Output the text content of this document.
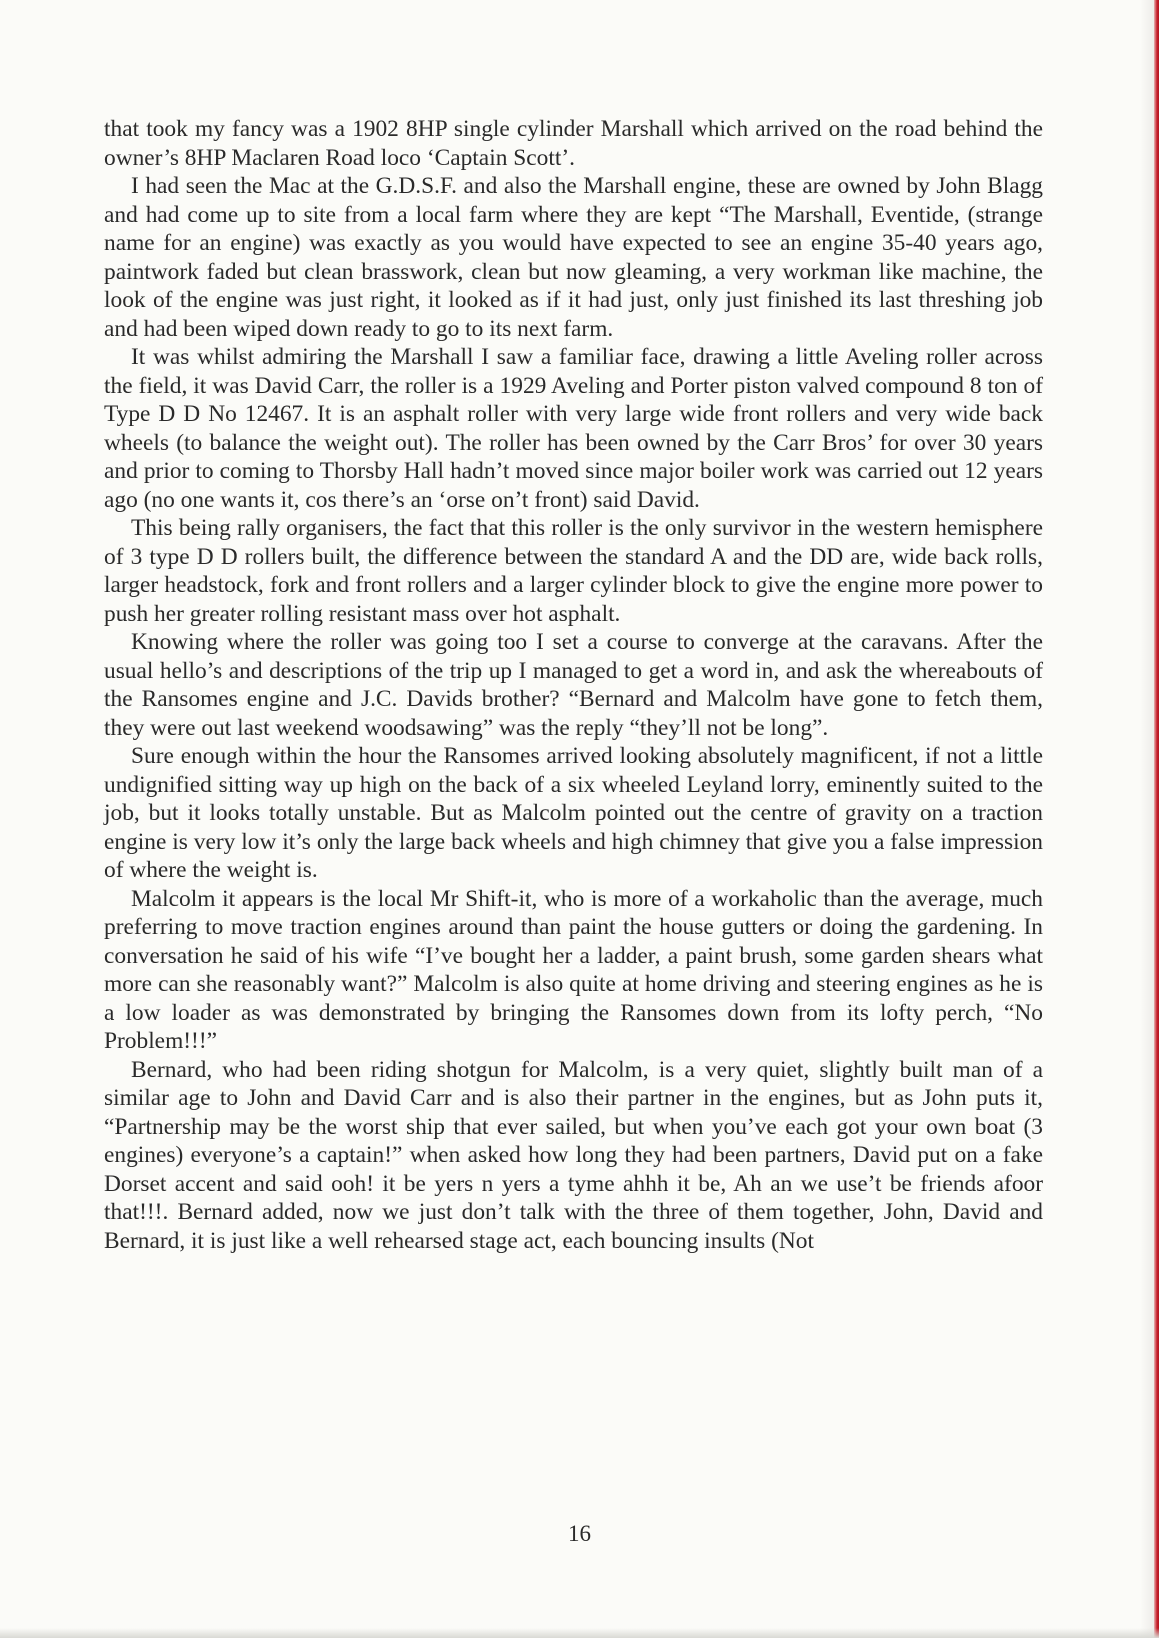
that took my fancy was a 1902 8HP single cylinder Marshall which arrived on the road behind the owner’s 8HP Maclaren Road loco ‘Captain Scott’.

I had seen the Mac at the G.D.S.F. and also the Marshall engine, these are owned by John Blagg and had come up to site from a local farm where they are kept “The Marshall, Eventide, (strange name for an engine) was exactly as you would have expected to see an engine 35-40 years ago, paintwork faded but clean brasswork, clean but now gleaming, a very workman like machine, the look of the engine was just right, it looked as if it had just, only just finished its last threshing job and had been wiped down ready to go to its next farm.

It was whilst admiring the Marshall I saw a familiar face, drawing a little Aveling roller across the field, it was David Carr, the roller is a 1929 Aveling and Porter piston valved compound 8 ton of Type D D No 12467. It is an asphalt roller with very large wide front rollers and very wide back wheels (to balance the weight out). The roller has been owned by the Carr Bros’ for over 30 years and prior to coming to Thorsby Hall hadn’t moved since major boiler work was carried out 12 years ago (no one wants it, cos there’s an ‘orse on’t front) said David.

This being rally organisers, the fact that this roller is the only survivor in the western hemisphere of 3 type D D rollers built, the difference between the standard A and the DD are, wide back rolls, larger headstock, fork and front rollers and a larger cylinder block to give the engine more power to push her greater rolling resistant mass over hot asphalt.

Knowing where the roller was going too I set a course to converge at the caravans. After the usual hello’s and descriptions of the trip up I managed to get a word in, and ask the whereabouts of the Ransomes engine and J.C. Davids brother? “Bernard and Malcolm have gone to fetch them, they were out last weekend woodsawing” was the reply “they’ll not be long”.

Sure enough within the hour the Ransomes arrived looking absolutely magnificent, if not a little undignified sitting way up high on the back of a six wheeled Leyland lorry, eminently suited to the job, but it looks totally unstable. But as Malcolm pointed out the centre of gravity on a traction engine is very low it’s only the large back wheels and high chimney that give you a false impression of where the weight is.

Malcolm it appears is the local Mr Shift-it, who is more of a workaholic than the average, much preferring to move traction engines around than paint the house gutters or doing the gardening. In conversation he said of his wife “I’ve bought her a ladder, a paint brush, some garden shears what more can she reasonably want?” Malcolm is also quite at home driving and steering engines as he is a low loader as was demonstrated by bringing the Ransomes down from its lofty perch, “No Problem!!!”

Bernard, who had been riding shotgun for Malcolm, is a very quiet, slightly built man of a similar age to John and David Carr and is also their partner in the engines, but as John puts it, “Partnership may be the worst ship that ever sailed, but when you’ve each got your own boat (3 engines) everyone’s a captain!” when asked how long they had been partners, David put on a fake Dorset accent and said ooh! it be yers n yers a tyme ahhh it be, Ah an we use’t be friends afoor that!!!. Bernard added, now we just don’t talk with the three of them together, John, David and Bernard, it is just like a well rehearsed stage act, each bouncing insults (Not

16
